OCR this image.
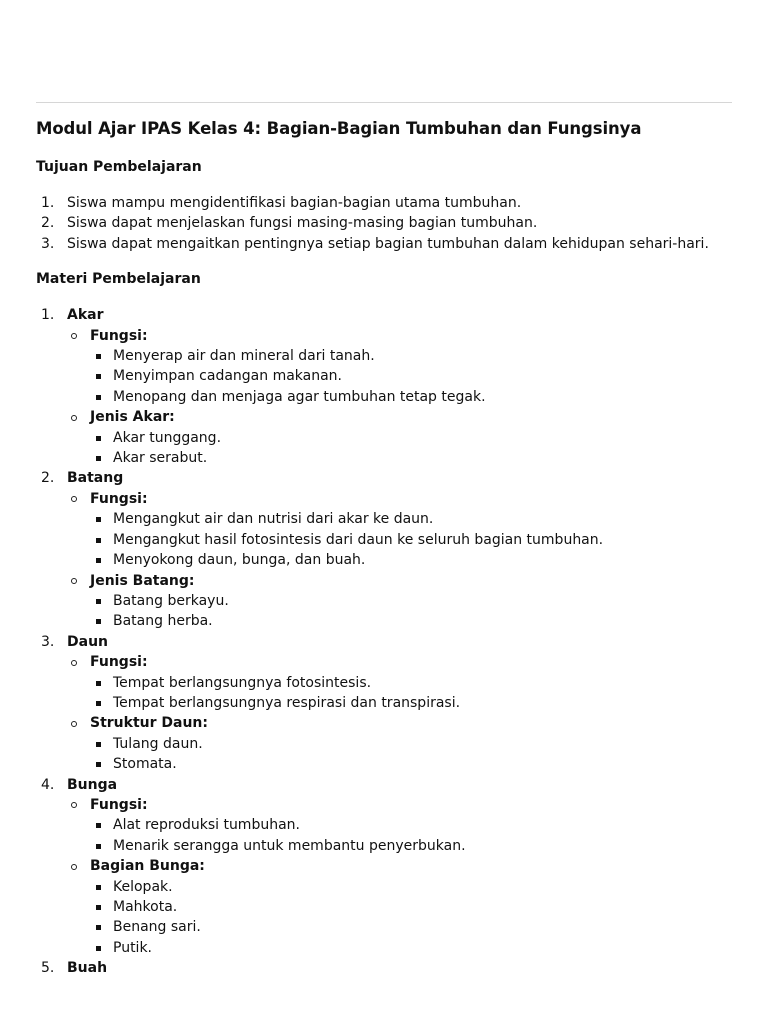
Modul Ajar IPAS Kelas 4: Bagian-Bagian Tumbuhan dan Fungsinya
Tujuan Pembelajaran
1. Siswa mampu mengidentifikasi bagian-bagian utama tumbuhan.
2. Siswa dapat menjelaskan fungsi masing-masing bagian tumbuhan.
3. Siswa dapat mengaitkan pentingnya setiap bagian tumbuhan dalam kehidupan sehari-hari.
Materi Pembelajaran
1. Akar
Fungsi:
Menyerap air dan mineral dari tanah.
Menyimpan cadangan makanan.
Menopang dan menjaga agar tumbuhan tetap tegak.
Jenis Akar:
Akar tunggang.
Akar serabut.
2. Batang
Fungsi:
Mengangkut air dan nutrisi dari akar ke daun.
Mengangkut hasil fotosintesis dari daun ke seluruh bagian tumbuhan.
Menyokong daun, bunga, dan buah.
Jenis Batang:
Batang berkayu.
Batang herba.
3. Daun
Fungsi:
Tempat berlangsungnya fotosintesis.
Tempat berlangsungnya respirasi dan transpirasi.
Struktur Daun:
Tulang daun.
Stomata.
4. Bunga
Fungsi:
Alat reproduksi tumbuhan.
Menarik serangga untuk membantu penyerbukan.
Bagian Bunga:
Kelopak.
Mahkota.
Benang sari.
Putik.
5. Buah
